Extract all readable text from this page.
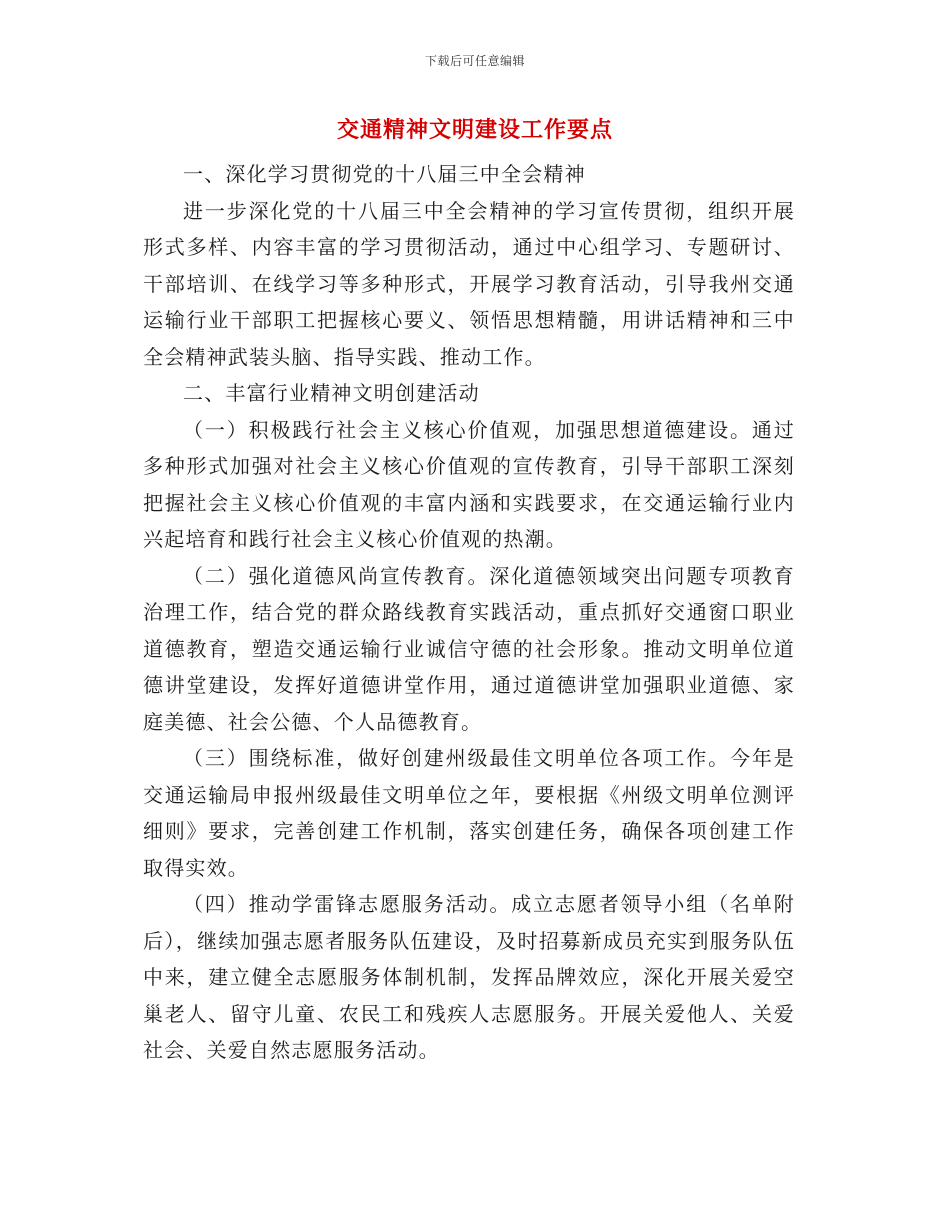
下载后可任意编辑
交通精神文明建设工作要点

一、深化学习贯彻党的十八届三中全会精神

进一步深化党的十八届三中全会精神的学习宣传贯彻，组织开展形式多样、内容丰富的学习贯彻活动，通过中心组学习、专题研讨、干部培训、在线学习等多种形式，开展学习教育活动，引导我州交通运输行业干部职工把握核心要义、领悟思想精髓，用讲话精神和三中全会精神武装头脑、指导实践、推动工作。

二、丰富行业精神文明创建活动

（一）积极践行社会主义核心价值观，加强思想道德建设。通过多种形式加强对社会主义核心价值观的宣传教育，引导干部职工深刻把握社会主义核心价值观的丰富内涵和实践要求，在交通运输行业内兴起培育和践行社会主义核心价值观的热潮。

（二）强化道德风尚宣传教育。深化道德领域突出问题专项教育治理工作，结合党的群众路线教育实践活动，重点抓好交通窗口职业道德教育，塑造交通运输行业诚信守德的社会形象。推动文明单位道德讲堂建设，发挥好道德讲堂作用，通过道德讲堂加强职业道德、家庭美德、社会公德、个人品德教育。

（三）围绕标准，做好创建州级最佳文明单位各项工作。今年是交通运输局申报州级最佳文明单位之年，要根据《州级文明单位测评细则》要求，完善创建工作机制，落实创建任务，确保各项创建工作取得实效。

（四）推动学雷锋志愿服务活动。成立志愿者领导小组（名单附后），继续加强志愿者服务队伍建设，及时招募新成员充实到服务队伍中来，建立健全志愿服务体制机制，发挥品牌效应，深化开展关爱空巢老人、留守儿童、农民工和残疾人志愿服务。开展关爱他人、关爱社会、关爱自然志愿服务活动。
